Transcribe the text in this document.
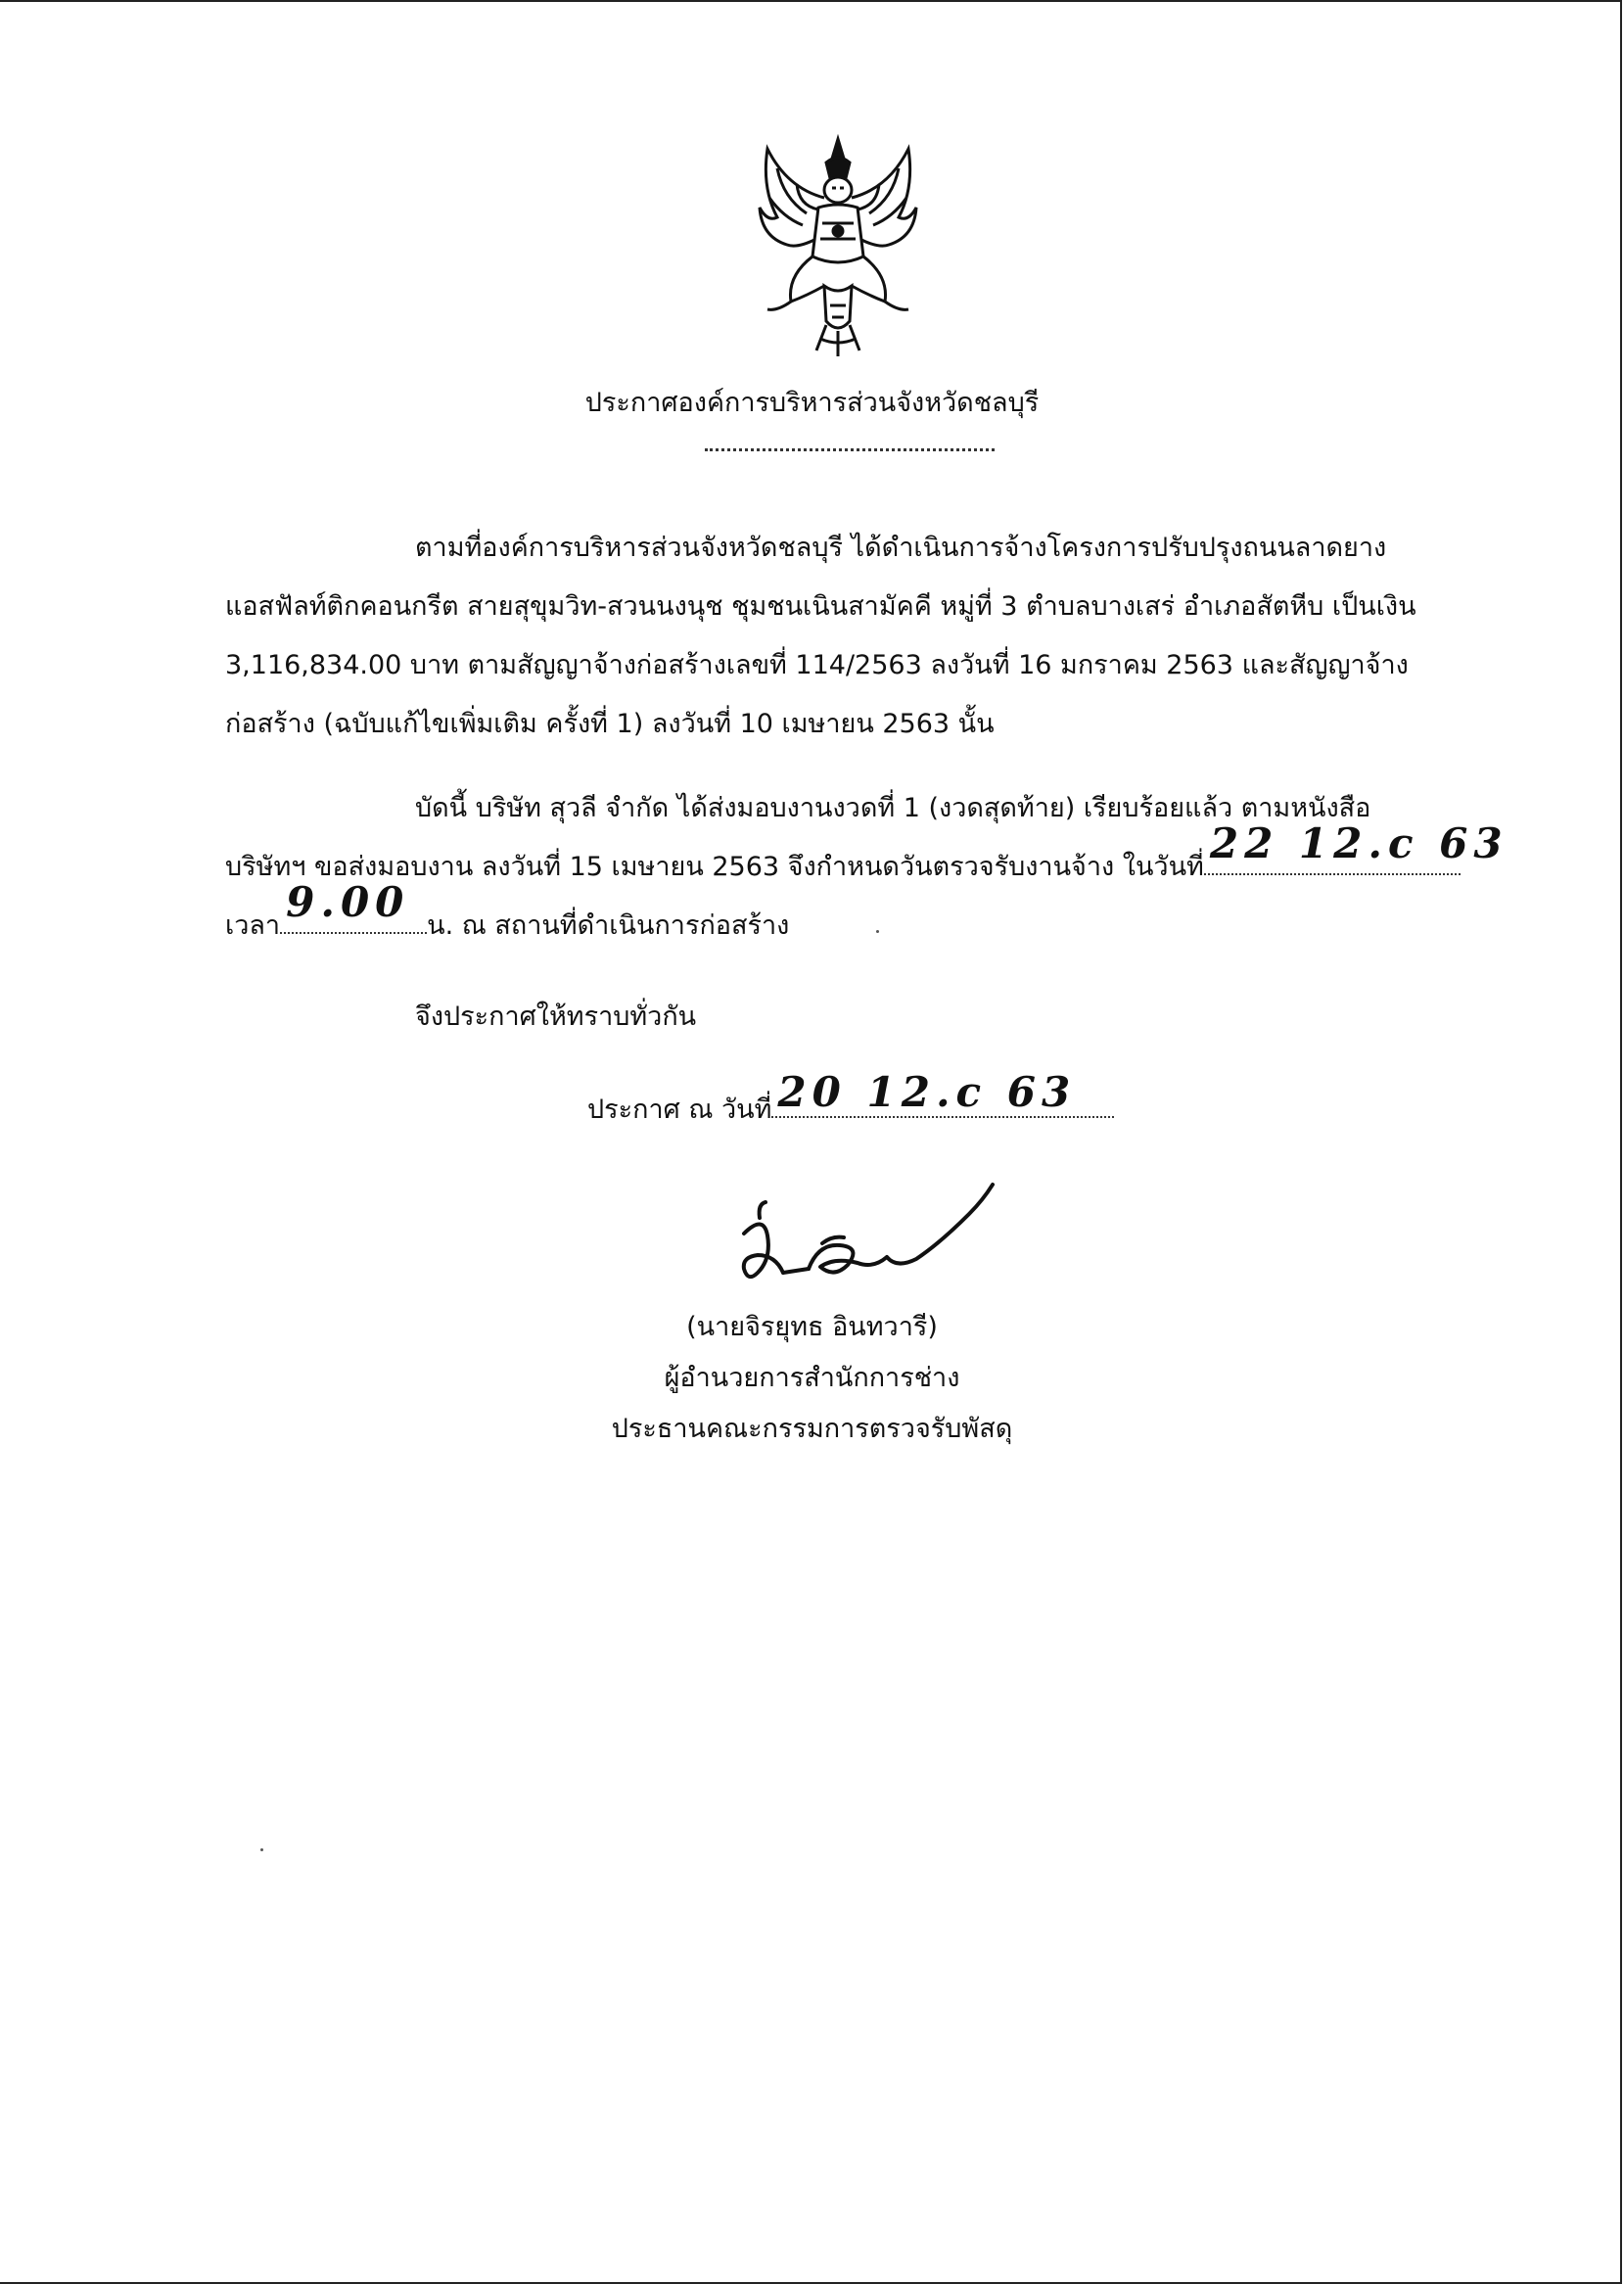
ประกาศองค์การบริหารส่วนจังหวัดชลบุรี
ตามที่องค์การบริหารส่วนจังหวัดชลบุรี ได้ดำเนินการจ้างโครงการปรับปรุงถนนลาดยาง
แอสฟัลท์ติกคอนกรีต สายสุขุมวิท-สวนนงนุช ชุมชนเนินสามัคคี หมู่ที่ 3 ตำบลบางเสร่ อำเภอสัตหีบ เป็นเงิน
3,116,834.00 บาท ตามสัญญาจ้างก่อสร้างเลขที่ 114/2563 ลงวันที่ 16 มกราคม 2563 และสัญญาจ้าง
ก่อสร้าง (ฉบับแก้ไขเพิ่มเติม ครั้งที่ 1) ลงวันที่ 10 เมษายน 2563 นั้น
บัดนี้ บริษัท สุวลี จำกัด ได้ส่งมอบงานงวดที่ 1 (งวดสุดท้าย) เรียบร้อยแล้ว ตามหนังสือ
บริษัทฯ ขอส่งมอบงาน ลงวันที่ 15 เมษายน 2563 จึงกำหนดวันตรวจรับงานจ้าง ในวันที่ 22 12.c 63
เวลา 9.00 น. ณ สถานที่ดำเนินการก่อสร้าง
จึงประกาศให้ทราบทั่วกัน
ประกาศ ณ วันที่ 20 12.c 63
(นายจิรยุทธ อินทวารี)
ผู้อำนวยการสำนักการช่าง
ประธานคณะกรรมการตรวจรับพัสดุ
